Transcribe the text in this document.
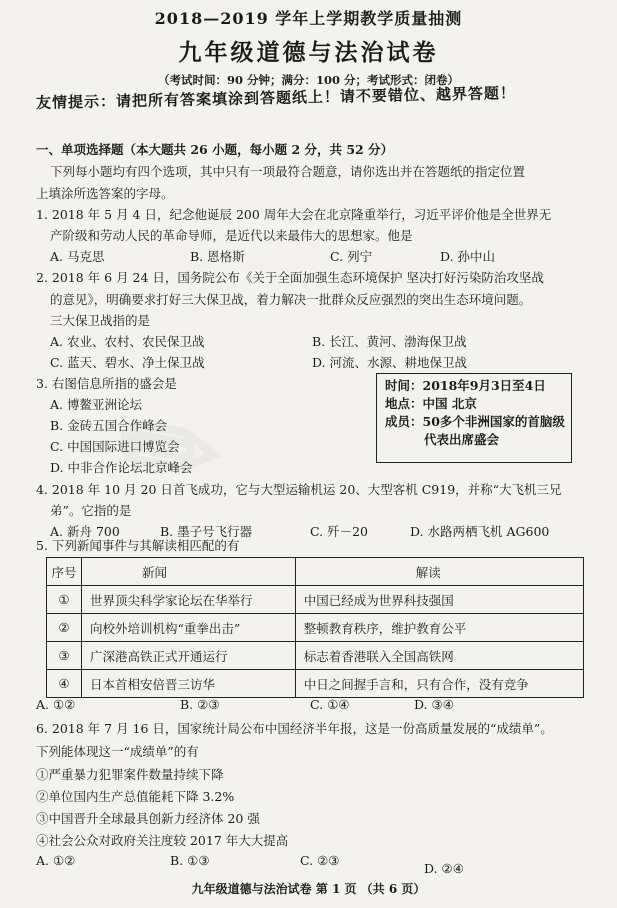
2018—2019 学年上学期教学质量抽测
九年级道德与法治试卷
（考试时间：90 分钟；满分：100 分；考试形式：闭卷）
友情提示：请把所有答案填涂到答题纸上！请不要错位、越界答题！
一、单项选择题（本大题共 26 小题，每小题 2 分，共 52 分）
下列每小题均有四个选项，其中只有一项最符合题意，请你选出并在答题纸的指定位置
上填涂所选答案的字母。
1. 2018 年 5 月 4 日，纪念他诞辰 200 周年大会在北京隆重举行，习近平评价他是全世界无
产阶级和劳动人民的革命导师，是近代以来最伟大的思想家。他是
A. 马克思	B. 恩格斯	C. 列宁	D. 孙中山
2. 2018 年 6 月 24 日，国务院公布《关于全面加强生态环境保护 坚决打好污染防治攻坚战
的意见》，明确要求打好三大保卫战，着力解决一批群众反应强烈的突出生态环境问题。
三大保卫战指的是
A. 农业、农村、农民保卫战	B. 长江、黄河、渤海保卫战
C. 蓝天、碧水、净土保卫战	D. 河流、水源、耕地保卫战
3. 右图信息所指的盛会是
A. 博鳌亚洲论坛
B. 金砖五国合作峰会
C. 中国国际进口博览会
D. 中非合作论坛北京峰会
时间：2018年9月3日至4日
地点：中国 北京
成员：50多个非洲国家的首脑级
代表出席盛会
4. 2018 年 10 月 20 日首飞成功，它与大型运输机运 20、大型客机 C919，并称“大飞机三兄
弟”。它指的是
A. 新舟 700	B. 墨子号飞行器	C. 歼－20	D. 水路两栖飞机 AG600
5. 下列新闻事件与其解读相匹配的有
序号	新闻	解读
①	世界顶尖科学家论坛在华举行	中国已经成为世界科技强国
②	向校外培训机构“重拳出击”	整顿教育秩序，维护教育公平
③	广深港高铁正式开通运行	标志着香港联入全国高铁网
④	日本首相安倍晋三访华	中日之间握手言和，只有合作，没有竞争
A. ①②	B. ②③	C. ①④	D. ③④
6. 2018 年 7 月 16 日，国家统计局公布中国经济半年报，这是一份高质量发展的“成绩单”。
下列能体现这一“成绩单”的有
①严重暴力犯罪案件数量持续下降
②单位国内生产总值能耗下降 3.2%
③中国晋升全球最具创新力经济体 20 强
④社会公众对政府关注度较 2017 年大大提高
A. ①②	B. ①③	C. ②③
D. ②④
九年级道德与法治试卷 第 1 页 （共 6 页）
